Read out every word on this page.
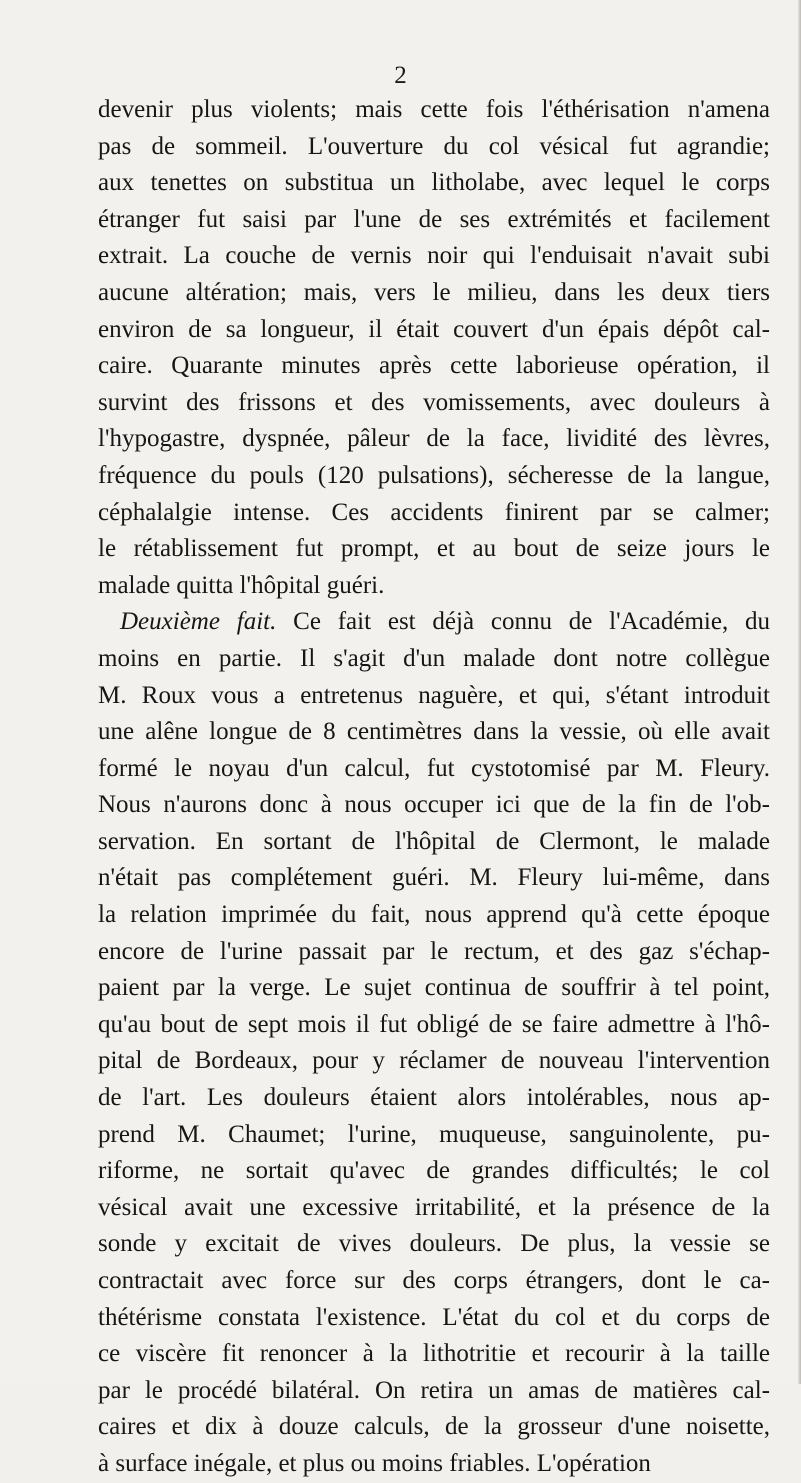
2
devenir plus violents; mais cette fois l'éthérisation n'amena
pas de sommeil. L'ouverture du col vésical fut agrandie;
aux tenettes on substitua un litholabe, avec lequel le corps
étranger fut saisi par l'une de ses extrémités et facilement
extrait. La couche de vernis noir qui l'enduisait n'avait subi
aucune altération; mais, vers le milieu, dans les deux tiers
environ de sa longueur, il était couvert d'un épais dépôt cal-
caire. Quarante minutes après cette laborieuse opération, il
survint des frissons et des vomissements, avec douleurs à
l'hypogastre, dyspnée, pâleur de la face, lividité des lèvres,
fréquence du pouls (120 pulsations), sécheresse de la langue,
céphalalgie intense. Ces accidents finirent par se calmer;
le rétablissement fut prompt, et au bout de seize jours le
malade quitta l'hôpital guéri.
Deuxième fait. Ce fait est déjà connu de l'Académie, du
moins en partie. Il s'agit d'un malade dont notre collègue
M. Roux vous a entretenus naguère, et qui, s'étant introduit
une alêne longue de 8 centimètres dans la vessie, où elle avait
formé le noyau d'un calcul, fut cystotomisé par M. Fleury.
Nous n'aurons donc à nous occuper ici que de la fin de l'ob-
servation. En sortant de l'hôpital de Clermont, le malade
n'était pas complétement guéri. M. Fleury lui-même, dans
la relation imprimée du fait, nous apprend qu'à cette époque
encore de l'urine passait par le rectum, et des gaz s'échap-
paient par la verge. Le sujet continua de souffrir à tel point,
qu'au bout de sept mois il fut obligé de se faire admettre à l'hô-
pital de Bordeaux, pour y réclamer de nouveau l'intervention
de l'art. Les douleurs étaient alors intolérables, nous ap-
prend M. Chaumet; l'urine, muqueuse, sanguinolente, pu-
riforme, ne sortait qu'avec de grandes difficultés; le col
vésical avait une excessive irritabilité, et la présence de la
sonde y excitait de vives douleurs. De plus, la vessie se
contractait avec force sur des corps étrangers, dont le ca-
thétérisme constata l'existence. L'état du col et du corps de
ce viscère fit renoncer à la lithotritie et recourir à la taille
par le procédé bilatéral. On retira un amas de matières cal-
caires et dix à douze calculs, de la grosseur d'une noisette,
à surface inégale, et plus ou moins friables. L'opération
